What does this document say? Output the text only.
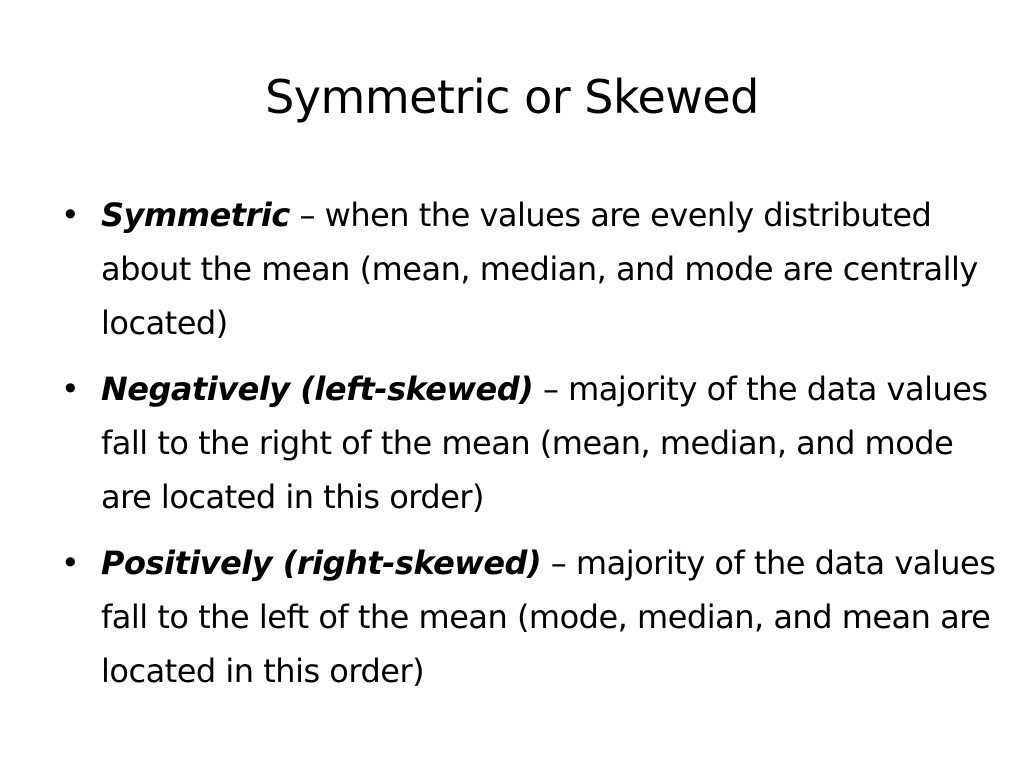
Symmetric or Skewed
• Symmetric – when the values are evenly distributed about the mean (mean, median, and mode are centrally located)
• Negatively (left-skewed) – majority of the data values fall to the right of the mean (mean, median, and mode are located in this order)
• Positively (right-skewed) – majority of the data values fall to the left of the mean (mode, median, and mean are located in this order)
